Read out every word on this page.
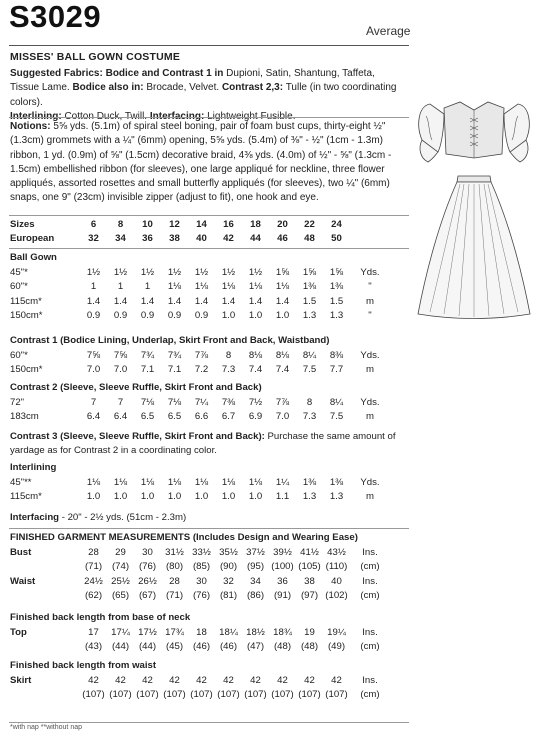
S3029	Average
MISSES' BALL GOWN COSTUME
Suggested Fabrics: Bodice and Contrast 1 in Dupioni, Satin, Shantung, Taffeta, Tissue Lame. Bodice also in: Brocade, Velvet. Contrast 2,3: Tulle (in two coordinating colors).

Notions: 5⅝ yds. (5.1m) of spiral steel boning, pair of foam bust cups, thirty-eight ½" (1.3cm) grommets with a ¼" (6mm) opening, 5⅝ yds. (5.4m) of ⅜" - ½" (1cm - 1.3m) ribbon, 1 yd. (0.9m) of ⅝" (1.5cm) decorative braid, 4⅜ yds. (4.0m) of ½" - ⅝" (1.3cm - 1.5cm) embellished ribbon (for sleeves), one large appliqué for neckline, three flower appliqués, assorted rosettes and small butterfly appliqués (for sleeves), two ¼" (6mm) snaps, one 9" (23cm) invisible zipper (adjust to fit), one hook and eye.
Sizes	6	8	10	12	14	16	18	20	22	24	
European	32	34	36	38	40	42	44	46	48	50	
Ball Gown
45"*	1½	1½	1½	1½	1½	1½	1½	1⅝	1⅝	1⅝	Yds.
60"*	1	1	1	1⅛	1⅛	1⅛	1⅛	1⅛	1⅜	1⅜	"
115cm*	1.4	1.4	1.4	1.4	1.4	1.4	1.4	1.4	1.5	1.5	m
150cm*	0.9	0.9	0.9	0.9	0.9	1.0	1.0	1.0	1.3	1.3	"
Contrast 1 (Bodice Lining, Underlap, Skirt Front and Back, Waistband)
60"*	7⅝	7⅝	7¾	7¾	7⅞	8	8⅛	8⅛	8¼	8⅜	Yds.
150cm*	7.0	7.0	7.1	7.1	7.2	7.3	7.4	7.4	7.5	7.7	m
Contrast 2 (Sleeve, Sleeve Ruffle, Skirt Front and Back)
72"	7	7	7⅛	7⅛	7¼	7⅜	7½	7⅞	8	8¼	Yds.
183cm	6.4	6.4	6.5	6.5	6.6	6.7	6.9	7.0	7.3	7.5	m
Contrast 3 (Sleeve, Sleeve Ruffle, Skirt Front and Back): Purchase the same amount of yardage as for Contrast 2 in a coordinating color.
Interlining
45"**	1⅛	1⅛	1⅛	1⅛	1⅛	1⅛	1⅛	1¼	1⅜	1⅜	Yds.
115cm*	1.0	1.0	1.0	1.0	1.0	1.0	1.0	1.1	1.3	1.3	m
Interfacing - 20" - 2½ yds. (51cm - 2.3m)
FINISHED GARMENT MEASUREMENTS (Includes Design and Wearing Ease)
Bust	28	29	30	31½	33½	35½	37½	39½	41½	43½	Ins.
	(71)	(74)	(76)	(80)	(85)	(90)	(95)	(100)	(105)	(110)	(cm)
Waist	24½	25½	26½	28	30	32	34	36	38	40	Ins.
	(62)	(65)	(67)	(71)	(76)	(81)	(86)	(91)	(97)	(102)	(cm)
Finished back length from base of neck
Top	17	17¼	17½	17¾	18	18¼	18½	18¾	19	19¼	Ins.
	(43)	(44)	(44)	(45)	(46)	(46)	(47)	(48)	(48)	(49)	(cm)
Finished back length from waist
Skirt	42	42	42	42	42	42	42	42	42	42	Ins.
	(107)	(107)	(107)	(107)	(107)	(107)	(107)	(107)	(107)	(107)	(cm)
*with nap **without nap
